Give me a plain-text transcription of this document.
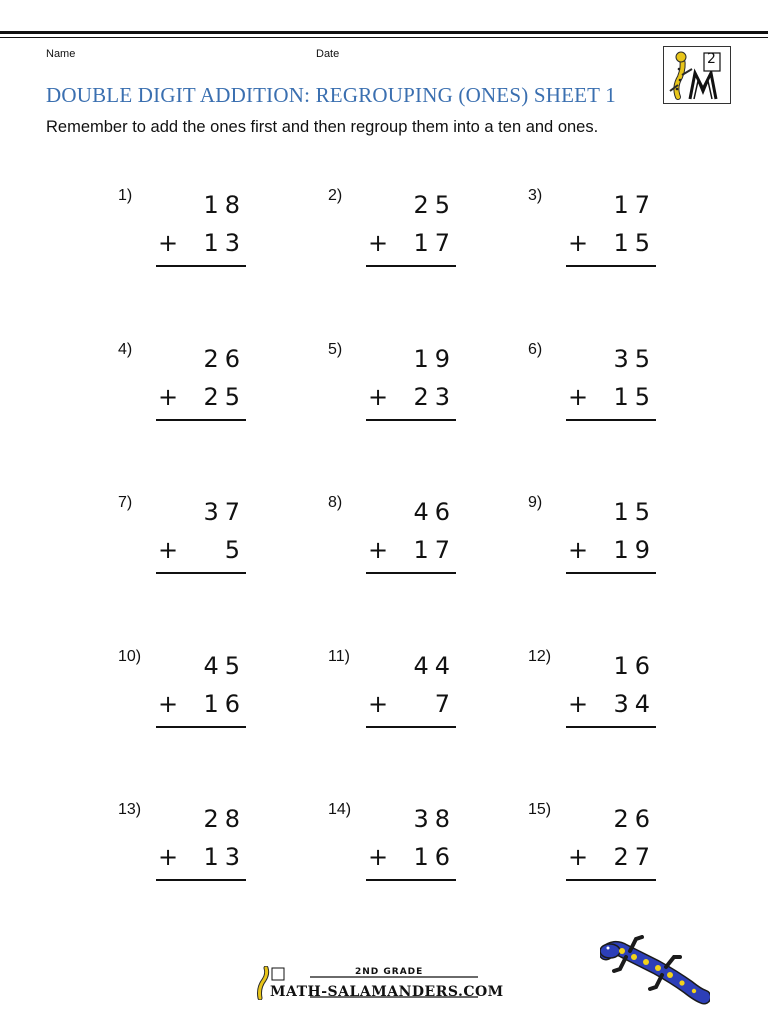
Name	Date
DOUBLE DIGIT ADDITION: REGROUPING (ONES) SHEET 1
Remember to add the ones first and then regroup them into a ten and ones.
2
1)	18
+ 13
2)	25
+ 17
3)	17
+ 15
4)	26
+ 25
5)	19
+ 23
6)	35
+ 15
7)	37
+ 5
8)	46
+ 17
9)	15
+ 19
10)	45
+ 16
11)	44
+ 7
12)	16
+ 34
13)	28
+ 13
14)	38
+ 16
15)	26
+ 27
2ND GRADE
MATH-SALAMANDERS.COM
